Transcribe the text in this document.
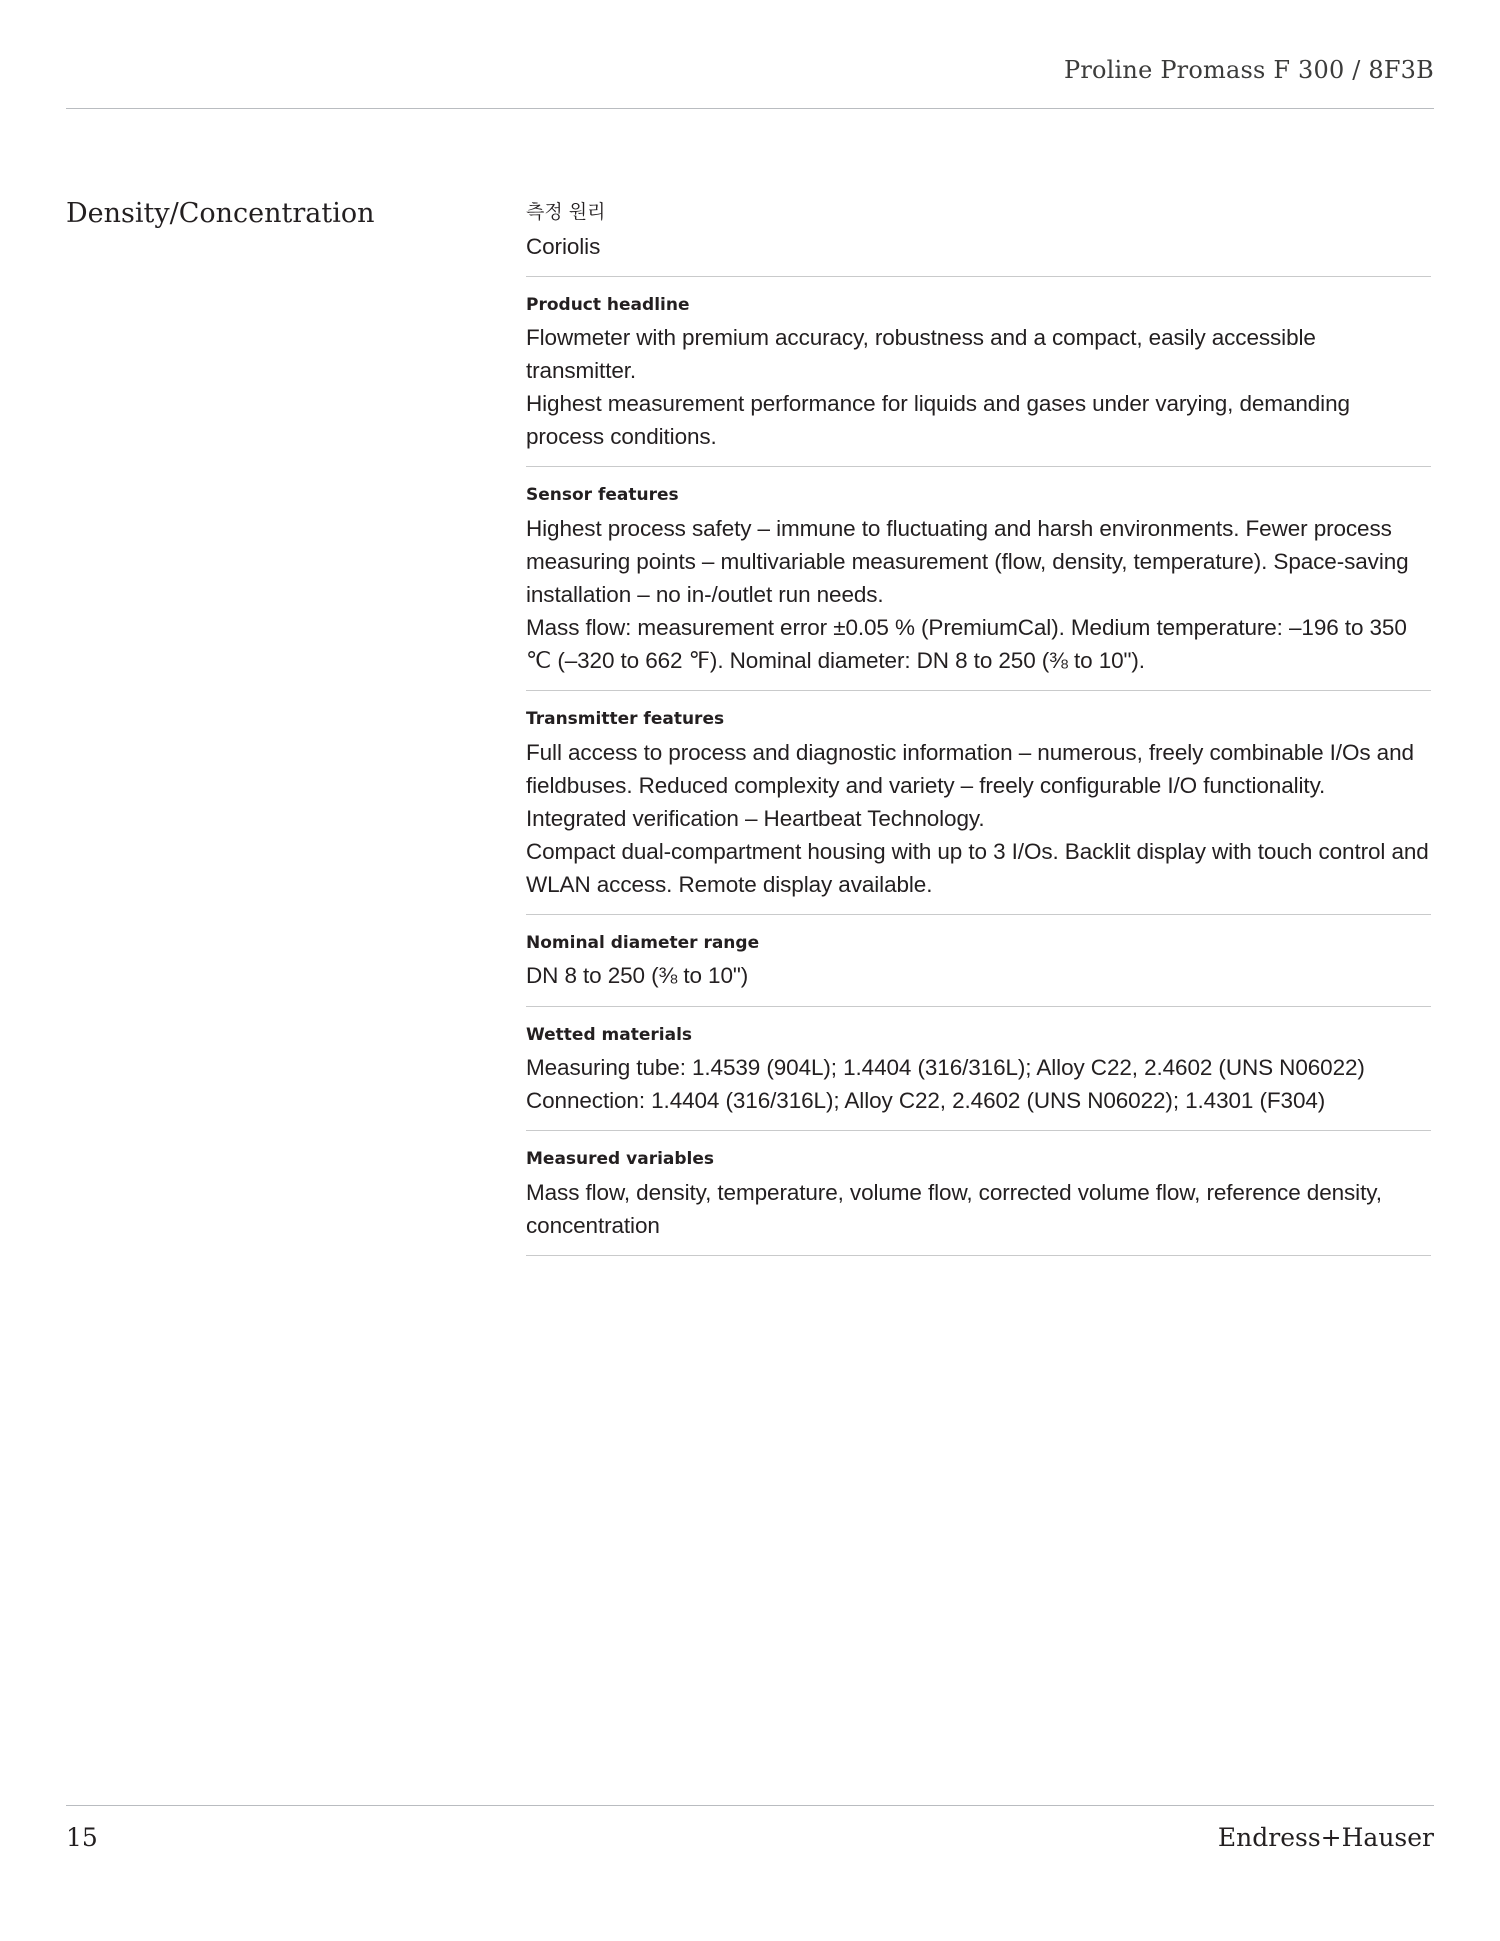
Proline Promass F 300 / 8F3B
Density/Concentration	측정 원리

Coriolis

Product headline

Flowmeter with premium accuracy, robustness and a compact, easily accessible transmitter.

Highest measurement performance for liquids and gases under varying, demanding process conditions.

Sensor features

Highest process safety – immune to fluctuating and harsh environments. Fewer process measuring points – multivariable measurement (flow, density, temperature). Space‐saving installation – no in-/outlet run needs.

Mass flow: measurement error ±0.05 % (PremiumCal). Medium temperature: –196 to 350 ℃ (–320 to 662 ℉). Nominal diameter: DN 8 to 250 (⅜ to 10").

Transmitter features

Full access to process and diagnostic information – numerous, freely combinable I/Os and fieldbuses. Reduced complexity and variety – freely configurable I/O functionality. Integrated verification – Heartbeat Technology.

Compact dual-compartment housing with up to 3 I/Os. Backlit display with touch control and WLAN access. Remote display available.

Nominal diameter range

DN 8 to 250 (⅜ to 10")

Wetted materials

Measuring tube: 1.4539 (904L); 1.4404 (316/316L); Alloy C22, 2.4602 (UNS N06022)

Connection: 1.4404 (316/316L); Alloy C22, 2.4602 (UNS N06022); 1.4301 (F304)

Measured variables

Mass flow, density, temperature, volume flow, corrected volume flow, reference density, concentration

15	Endress+Hauser
